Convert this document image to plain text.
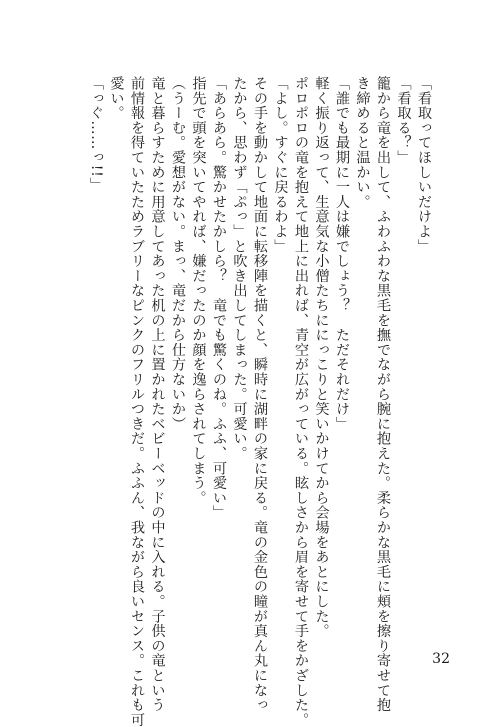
「看取ってほしいだけよ」
「看取る？」
籠から竜を出して、ふわふわな黒毛を撫でながら腕に抱えた。柔らかな黒毛に頬を擦り寄せて抱
き締めると温かい。
「誰でも最期に一人は嫌でしょう？　ただそれだけ」
軽く振り返って、生意気な小僧たちににっこりと笑いかけてから会場をあとにした。
ポロポロの竜を抱えて地上に出れば、青空が広がっている。眩しさから眉を寄せて手をかざした。
「よし。すぐに戻るわよ」
その手を動かして地面に転移陣を描くと、瞬時に湖畔の家に戻る。竜の金色の瞳が真ん丸になっ
たから、思わず「ぷっ」と吹き出してしまった。可愛い。
「あらあら。驚かせたかしら？　竜でも驚くのね。ふふ、可愛い」
指先で頭を突いてやれば、嫌だったのか顔を逸らされてしまう。
（うーむ。愛想がない。まっ、竜だから仕方ないか）
竜と暮らすために用意してあった机の上に置かれたベビーベッドの中に入れる。子供の竜という
前情報を得ていたためラブリーなピンクのフリルつきだ。ふふん、我ながら良いセンス。これも可
愛い。
「っぐ……っ!!」
32
